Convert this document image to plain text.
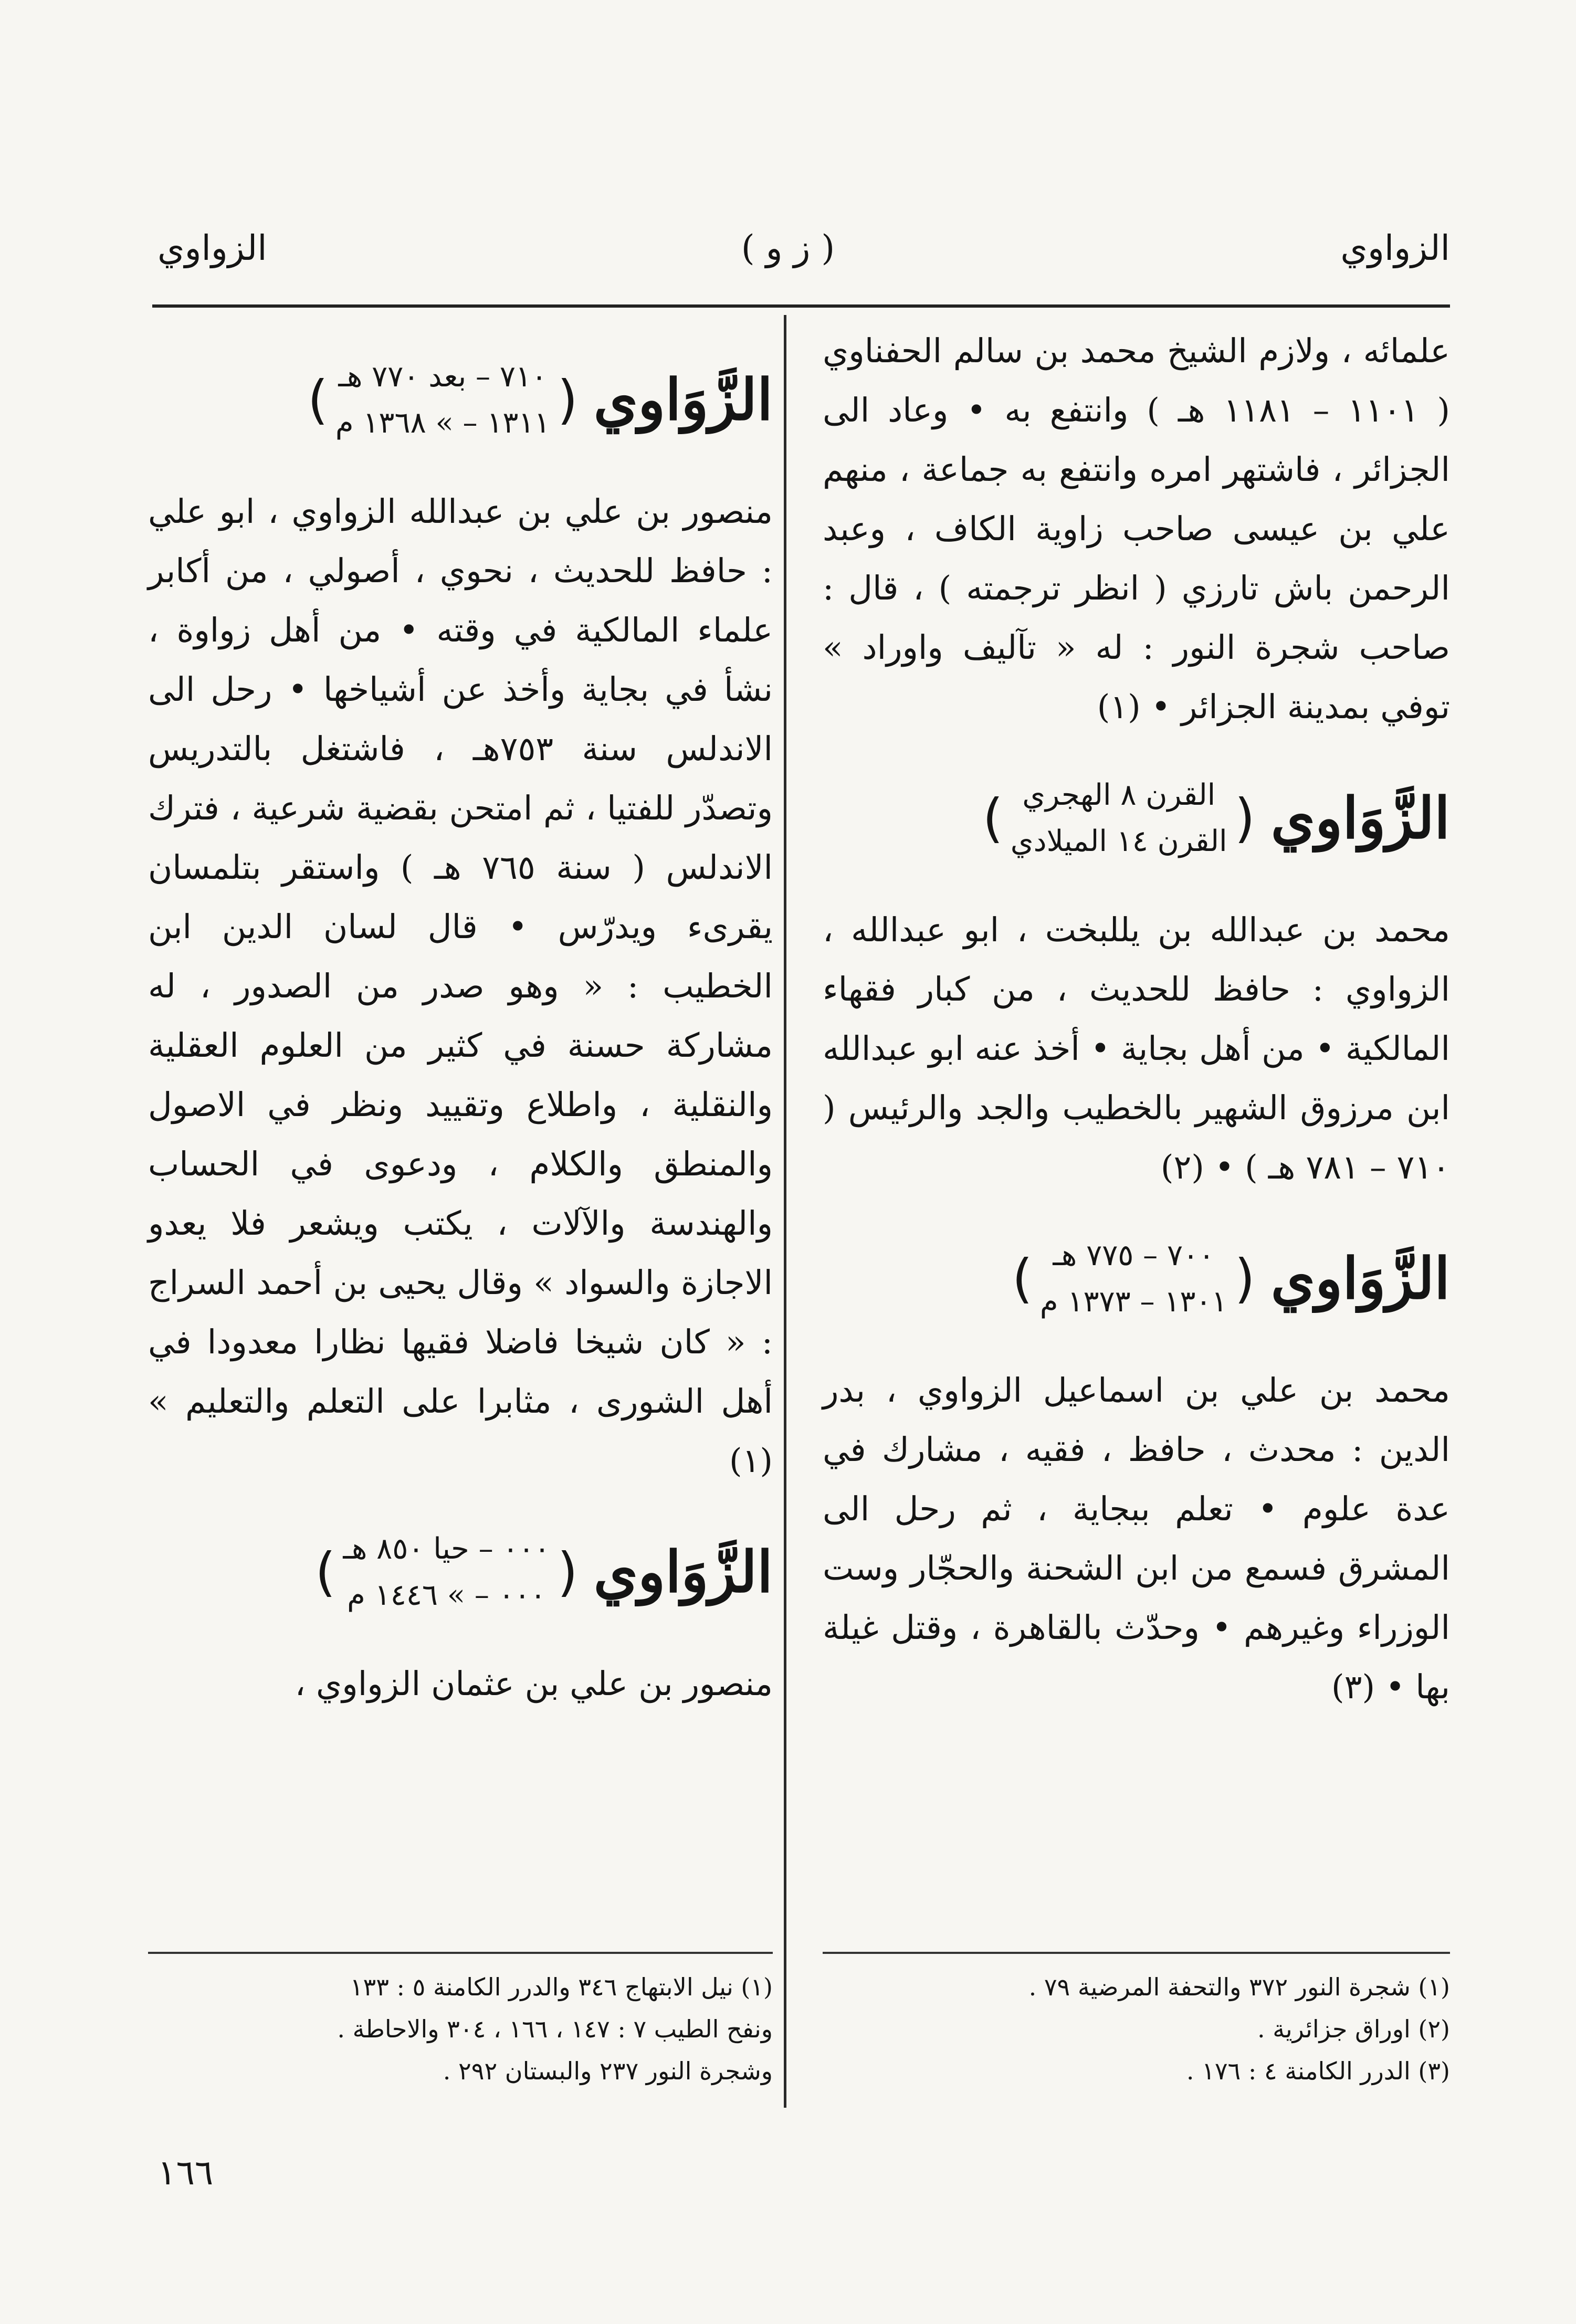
الزواوي
( ز و )
الزواوي

علمائه ، ولازم الشيخ محمد بن سالم الحفناوي ( ١١٠١ – ١١٨١ هـ ) وانتفع به • وعاد الى الجزائر ، فاشتهر امره وانتفع به جماعة ، منهم علي بن عيسى صاحب زاوية الكاف ، وعبد الرحمن باش تارزي ( انظر ترجمته ) ، قال : صاحب شجرة النور : له « تآليف واوراد » توفي بمدينة الجزائر • (١)

الزَّوَاوي
(
القرن ٨ الهجري
القرن ١٤ الميلادي
)

محمد بن عبدالله بن يللبخت ، ابو عبدالله ، الزواوي : حافظ للحديث ، من كبار فقهاء المالكية • من أهل بجاية • أخذ عنه ابو عبدالله ابن مرزوق الشهير بالخطيب والجد والرئيس ( ٧١٠ – ٧٨١ هـ ) • (٢)

الزَّوَاوي
(
٧٠٠ – ٧٧٥ هـ
١٣٠١ – ١٣٧٣ م
)

محمد بن علي بن اسماعيل الزواوي ، بدر الدين : محدث ، حافظ ، فقيه ، مشارك في عدة علوم • تعلم ببجاية ، ثم رحل الى المشرق فسمع من ابن الشحنة والحجّار وست الوزراء وغيرهم • وحدّث بالقاهرة ، وقتل غيلة بها • (٣)

الزَّوَاوي
(
٧١٠ – بعد ٧٧٠ هـ
١٣١١ – » ١٣٦٨ م
)

منصور بن علي بن عبدالله الزواوي ، ابو علي : حافظ للحديث ، نحوي ، أصولي ، من أكابر علماء المالكية في وقته • من أهل زواوة ، نشأ في بجاية وأخذ عن أشياخها • رحل الى الاندلس سنة ٧٥٣هـ ، فاشتغل بالتدريس وتصدّر للفتيا ، ثم امتحن بقضية شرعية ، فترك الاندلس ( سنة ٧٦٥ هـ ) واستقر بتلمسان يقرىء ويدرّس • قال لسان الدين ابن الخطيب : « وهو صدر من الصدور ، له مشاركة حسنة في كثير من العلوم العقلية والنقلية ، واطلاع وتقييد ونظر في الاصول والمنطق والكلام ، ودعوى في الحساب والهندسة والآلات ، يكتب ويشعر فلا يعدو الاجازة والسواد » وقال يحيى بن أحمد السراج : « كان شيخا فاضلا فقيها نظارا معدودا في أهل الشورى ، مثابرا على التعلم والتعليم » (١)

الزَّوَاوي
(
٠٠٠ – حيا ٨٥٠ هـ
٠٠٠ – » ١٤٤٦ م
)

منصور بن علي بن عثمان الزواوي ،

(١) شجرة النور ٣٧٢ والتحفة المرضية ٧٩ .
(٢) اوراق جزائرية .
(٣) الدرر الكامنة ٤ : ١٧٦ .
(١) نيل الابتهاج ٣٤٦ والدرر الكامنة ٥ : ١٣٣
ونفح الطيب ٧ : ١٤٧ ، ١٦٦ ، ٣٠٤ والاحاطة .
وشجرة النور ٢٣٧ والبستان ٢٩٢ .
١٦٦
